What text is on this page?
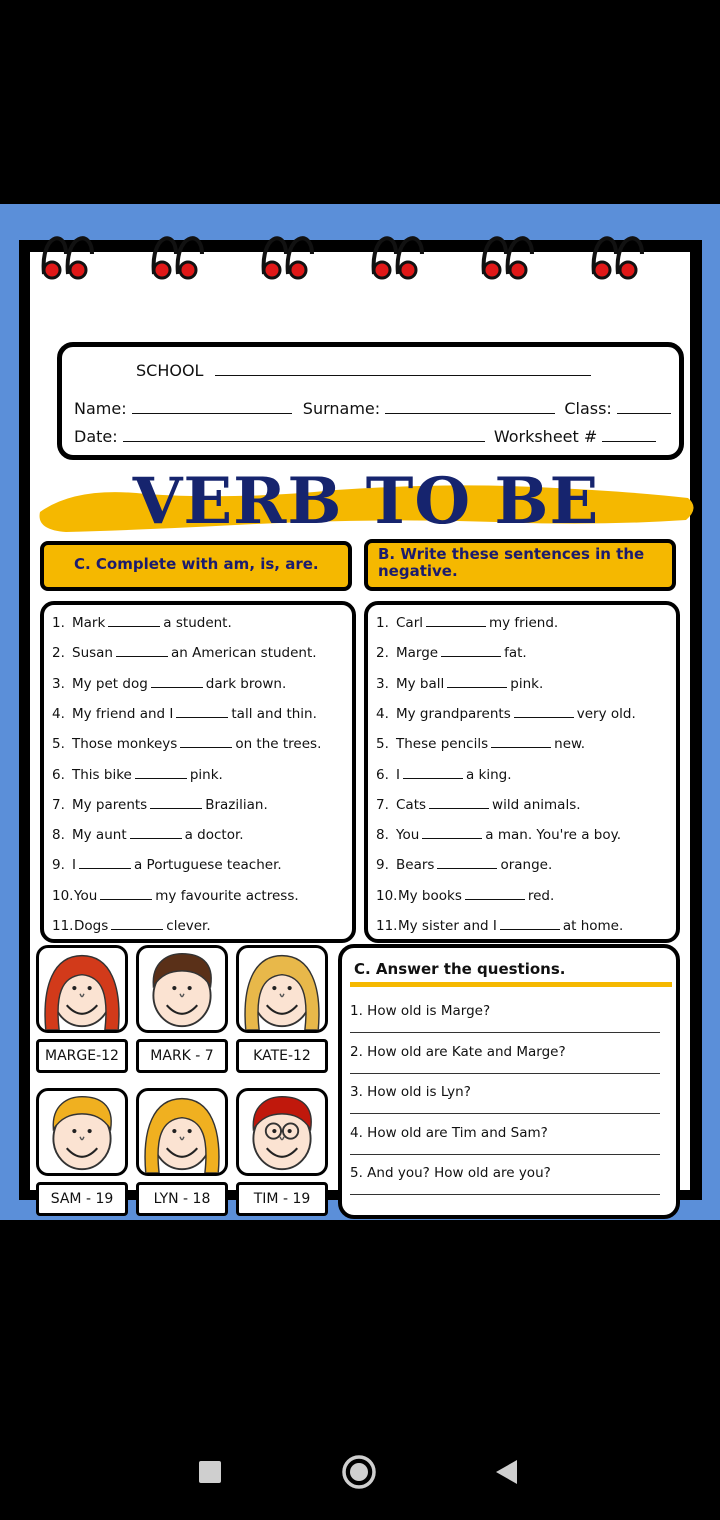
SCHOOL
Name:	Surname:	Class:
Date:	Worksheet #
VERB TO BE
C. Complete with am, is, are.
B. Write these sentences in the negative.
1. Mark	a student.
2. Susan	an American student.
3. My pet dog	dark brown.
4. My friend and I	tall and thin.
5. Those monkeys	on the trees.
6. This bike	pink.
7. My parents	Brazilian.
8. My aunt	a doctor.
9. I	a Portuguese teacher.
10.You	my favourite actress.
11.Dogs	clever.
1. Carl	my friend.
2. Marge	fat.
3. My ball	pink.
4. My grandparents	very old.
5. These pencils	new.
6. I	a king.
7. Cats	wild animals.
8. You	a man. You're a boy.
9. Bears	orange.
10.My books	red.
11.My sister and I	at home.
MARGE-12	MARK - 7	KATE-12
SAM - 19	LYN - 18	TIM - 19
C. Answer the questions.
1. How old is Marge?
2. How old are Kate and Marge?
3. How old is Lyn?
4. How old are Tim and Sam?
5. And you? How old are you?
